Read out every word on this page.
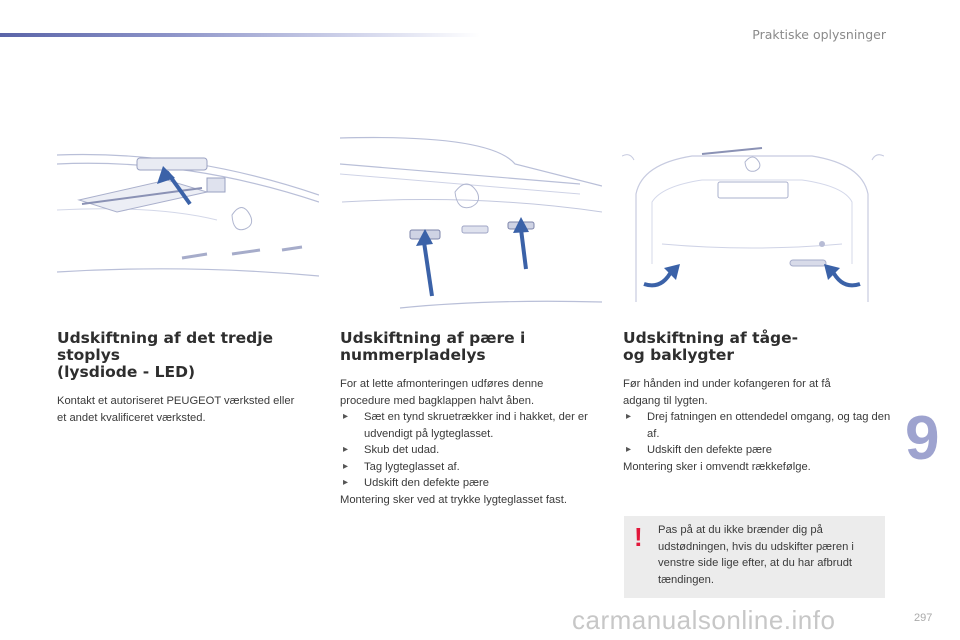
Praktiske oplysninger
Udskiftning af det tredje stoplys
(lysdiode - LED)

Kontakt et autoriseret PEUGEOT værksted eller et andet kvalificeret værksted.

Udskiftning af pære i
nummerpladelys

For at lette afmonteringen udføres denne procedure med bagklappen halvt åben.

▸ Sæt en tynd skruetrækker ind i hakket, der er udvendigt på lygteglasset.
▸ Skub det udad.
▸ Tag lygteglasset af.
▸ Udskift den defekte pære

Montering sker ved at trykke lygteglasset fast.

Udskiftning af tåge-
og baklygter

Før hånden ind under kofangeren for at få adgang til lygten.

▸ Drej fatningen en ottendedel omgang, og tag den af.
▸ Udskift den defekte pære

Montering sker i omvendt rækkefølge.

! Pas på at du ikke brænder dig på udstødningen, hvis du udskifter pæren i venstre side lige efter, at du har afbrudt tændingen.
9
carmanualsonline.info	297
